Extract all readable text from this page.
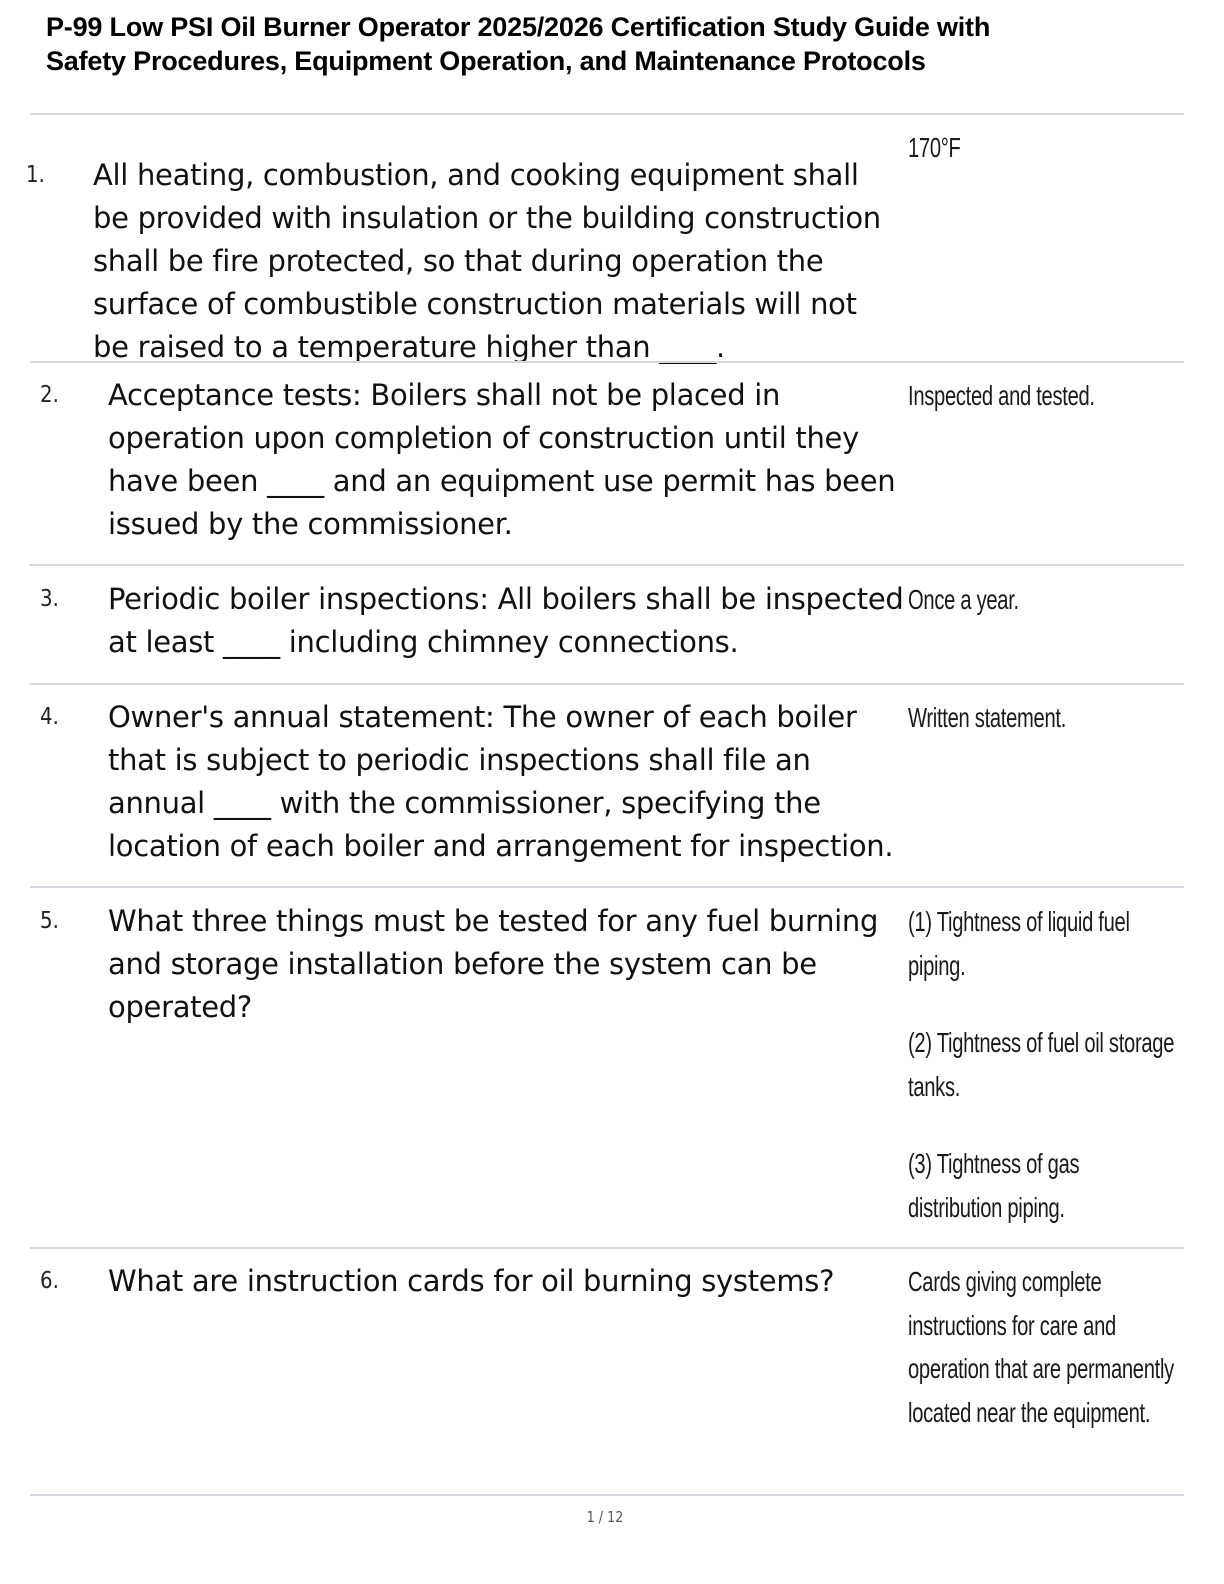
P-99 Low PSI Oil Burner Operator 2025/2026 Certification Study Guide with
Safety Procedures, Equipment Operation, and Maintenance Protocols
1. All heating, combustion, and cooking equipment shall be provided with insulation or the building construction shall be fire protected, so that during operation the surface of combustible construction materials will not be raised to a temperature higher than ____.

170°F

2. Acceptance tests: Boilers shall not be placed in operation upon completion of construction until they have been ____ and an equipment use permit has been issued by the commissioner.

Inspected and tested.

3. Periodic boiler inspections: All boilers shall be inspected at least ____ including chimney connections.

Once a year.

4. Owner's annual statement: The owner of each boiler that is subject to periodic inspections shall file an annual ____ with the commissioner, specifying the location of each boiler and arrangement for inspection.

Written statement.

5. What three things must be tested for any fuel burning and storage installation before the system can be operated?

(1) Tightness of liquid fuel piping.

(2) Tightness of fuel oil storage tanks.

(3) Tightness of gas distribution piping.

6. What are instruction cards for oil burning systems?	Cards giving complete instructions for care and operation that are permanently located near the equipment.

1 / 12
